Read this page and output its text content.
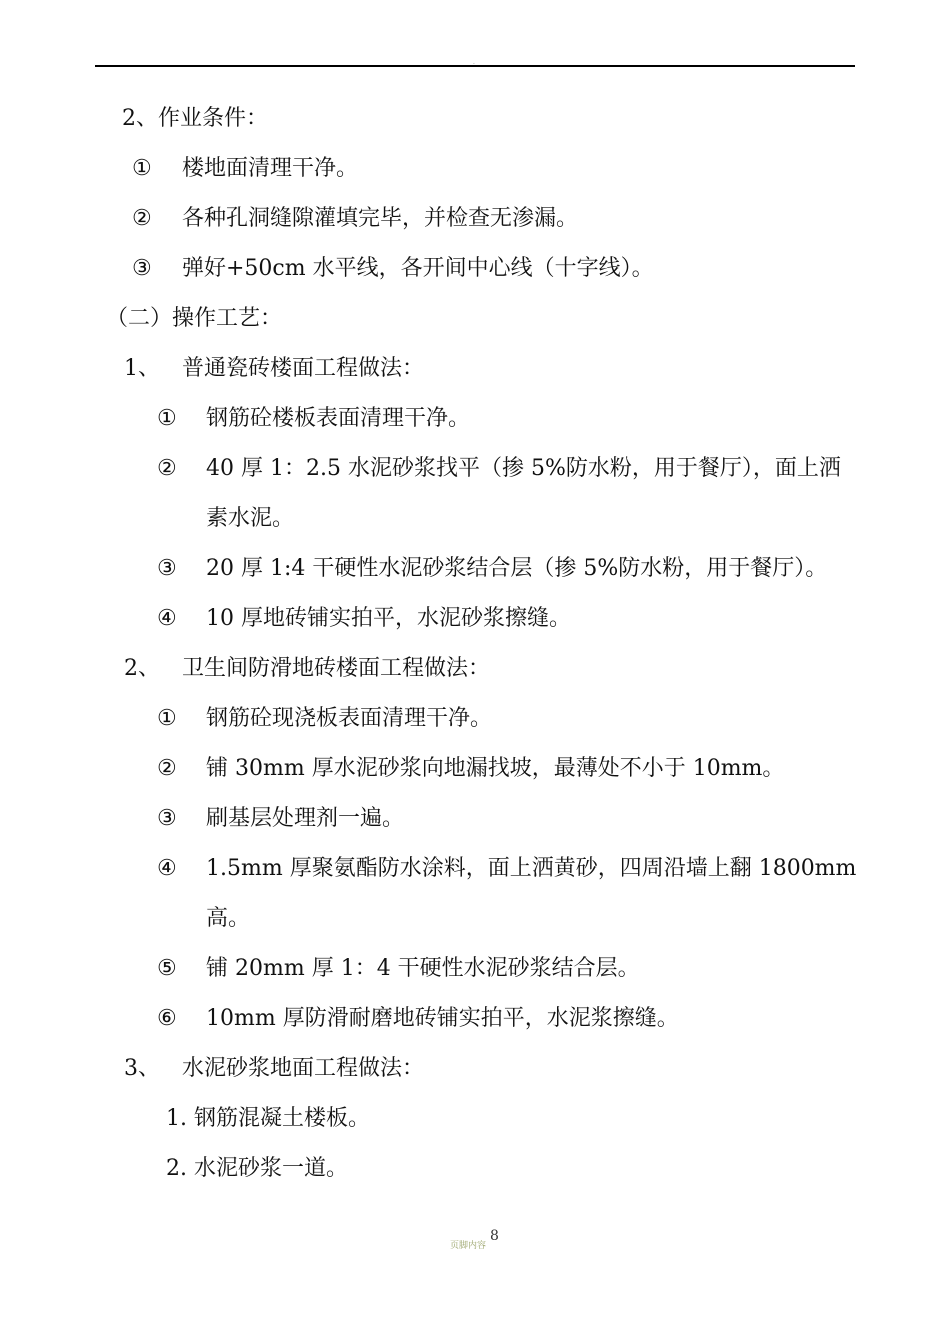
·
2、作业条件：
① 楼地面清理干净。
② 各种孔洞缝隙灌填完毕，并检查无渗漏。
③ 弹好+50cm 水平线，各开间中心线（十字线）。
（二）操作工艺：
1、 普通瓷砖楼面工程做法：
① 钢筋砼楼板表面清理干净。
② 40 厚 1：2.5 水泥砂浆找平（掺 5%防水粉，用于餐厅），面上洒
素水泥。
③ 20 厚 1:4 干硬性水泥砂浆结合层（掺 5%防水粉，用于餐厅）。
④ 10 厚地砖铺实拍平，水泥砂浆擦缝。
2、 卫生间防滑地砖楼面工程做法：
① 钢筋砼现浇板表面清理干净。
② 铺 30mm 厚水泥砂浆向地漏找坡，最薄处不小于 10mm。
③ 刷基层处理剂一遍。
④ 1.5mm 厚聚氨酯防水涂料，面上洒黄砂，四周沿墙上翻 1800mm
高。
⑤ 铺 20mm 厚 1：4 干硬性水泥砂浆结合层。
⑥ 10mm 厚防滑耐磨地砖铺实拍平，水泥浆擦缝。
3、 水泥砂浆地面工程做法：
1. 钢筋混凝土楼板。
2. 水泥砂浆一道。
页脚内容
8
